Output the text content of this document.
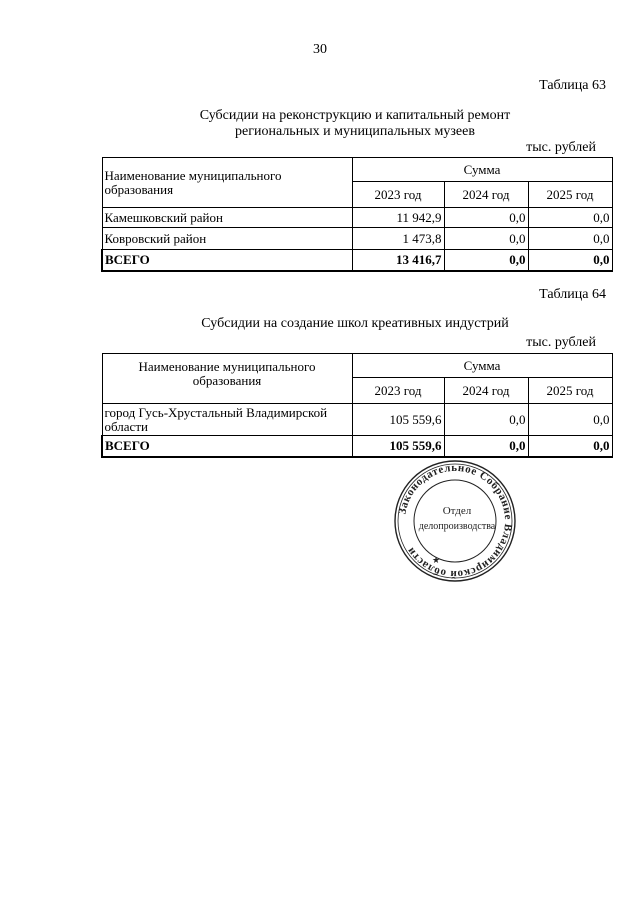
30
Таблица 63
Субсидии на реконструкцию и капитальный ремонт
региональных и муниципальных музеев
тыс. рублей
Наименование муниципального образования	Сумма		
	2023 год	2024 год	2025 год
Камешковский район	11 942,9	0,0	0,0
Ковровский район	1 473,8	0,0	0,0
ВСЕГО	13 416,7	0,0	0,0
Таблица 64
Субсидии на создание школ креативных индустрий
тыс. рублей
Наименование муниципального образования	Сумма		
	2023 год	2024 год	2025 год
город Гусь-Хрустальный Владимирской области	105 559,6	0,0	0,0
ВСЕГО	105 559,6	0,0	0,0
Законодательное Собрание Владимирской области
★
Отдел
делопроизводства
